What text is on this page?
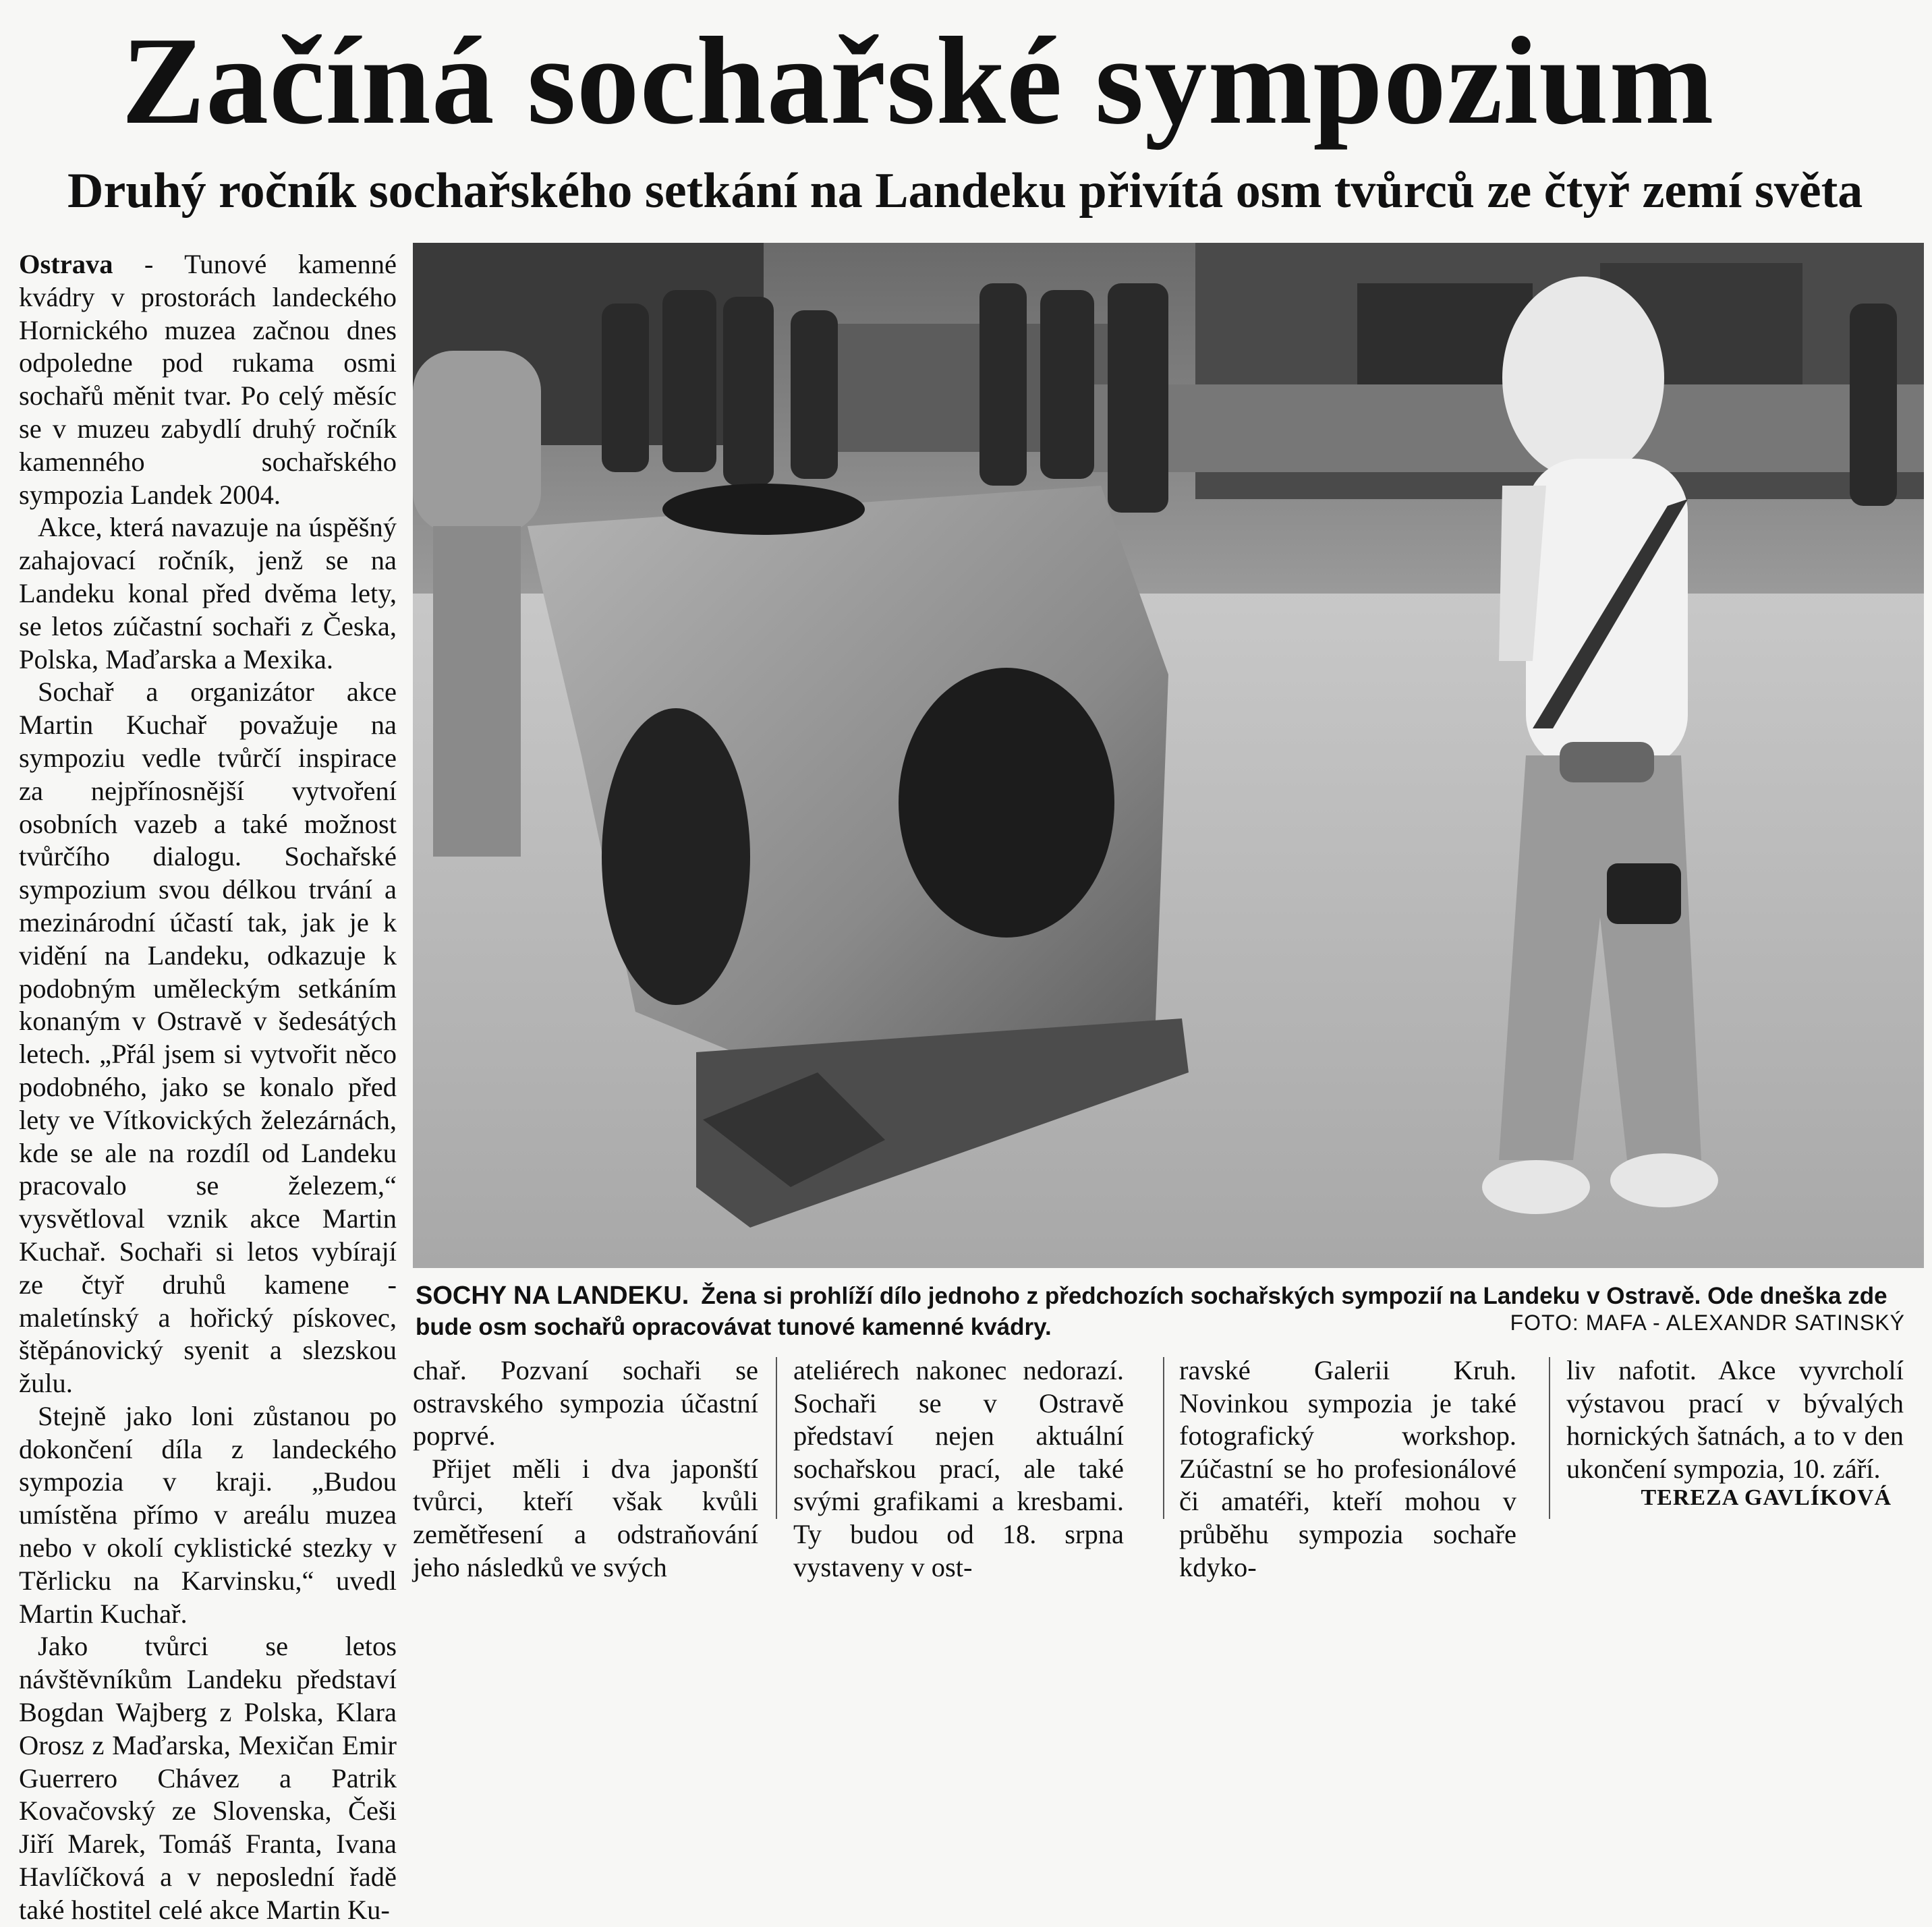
Začíná sochařské sympozium
Druhý ročník sochařského setkání na Landeku přivítá osm tvůrců ze čtyř zemí světa

Ostrava - Tunové kamenné kvádry v prostorách landeckého Hornického muzea začnou dnes odpoledne pod rukama osmi sochařů měnit tvar. Po celý měsíc se v muzeu zabydlí druhý ročník kamenného sochařského sympozia Landek 2004.

Akce, která navazuje na úspěšný zahajovací ročník, jenž se na Landeku konal před dvěma lety, se letos zúčastní sochaři z Česka, Polska, Maďarska a Mexika.

Sochař a organizátor akce Martin Kuchař považuje na sympoziu vedle tvůrčí inspirace za nejpřínosnější vytvoření osobních vazeb a také možnost tvůrčího dialogu. Sochařské sympozium svou délkou trvání a mezinárodní účastí tak, jak je k vidění na Landeku, odkazuje k podobným uměleckým setkáním konaným v Ostravě v šedesátých letech. „Přál jsem si vytvořit něco podobného, jako se konalo před lety ve Vítkovických železárnách, kde se ale na rozdíl od Landeku pracovalo se železem,“ vysvětloval vznik akce Martin Kuchař. Sochaři si letos vybírají ze čtyř druhů kamene - maletínský a hořický pískovec, štěpánovický syenit a slezskou žulu.

Stejně jako loni zůstanou po dokončení díla z landeckého sympozia v kraji. „Budou umístěna přímo v areálu muzea nebo v okolí cyklistické stezky v Těrlicku na Karvinsku,“ uvedl Martin Kuchař.

Jako tvůrci se letos návštěvníkům Landeku představí Bogdan Wajberg z Polska, Klara Orosz z Maďarska, Mexičan Emir Guerrero Chávez a Patrik Kovačovský ze Slovenska, Češi Jiří Marek, Tomáš Franta, Ivana Havlíčková a v neposlední řadě také hostitel celé akce Martin Ku-

SOCHY NA LANDEKU. Žena si prohlíží dílo jednoho z předchozích sochařských sympozií na Landeku v Ostravě. Ode dneška zde bude osm sochařů opracovávat tunové kamenné kvádry.	FOTO: MAFA - ALEXANDR SATINSKÝ

chař. Pozvaní sochaři se ostravského sympozia účastní poprvé.

Přijet měli i dva japonští tvůrci, kteří však kvůli zemětřesení a odstraňování jeho následků ve svých

ateliérech nakonec nedorazí. Sochaři se v Ostravě představí nejen aktuální sochařskou prací, ale také svými grafikami a kresbami. Ty budou od 18. srpna vystaveny v ost-

ravské Galerii Kruh. Novinkou sympozia je také fotografický workshop. Zúčastní se ho profesionálové či amatéři, kteří mohou v průběhu sympozia sochaře kdyko-

liv nafotit. Akce vyvrcholí výstavou prací v bývalých hornických šatnách, a to v den ukončení sympozia, 10. září.

TEREZA GAVLÍKOVÁ
